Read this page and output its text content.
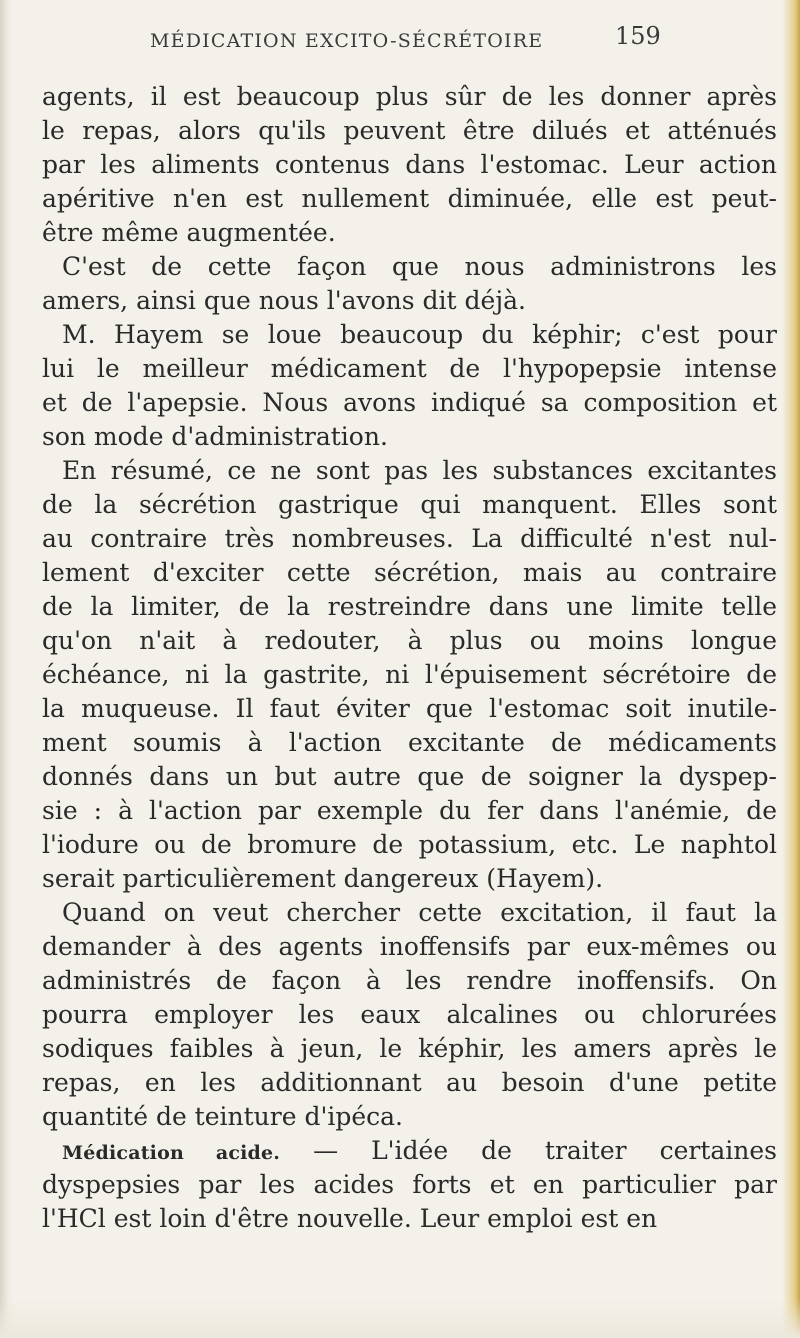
MÉDICATION EXCITO-SÉCRÉTOIRE	159
agents, il est beaucoup plus sûr de les donner après
le repas, alors qu'ils peuvent être dilués et atténués
par les aliments contenus dans l'estomac. Leur action
apéritive n'en est nullement diminuée, elle est peut-
être même augmentée.
C'est de cette façon que nous administrons les
amers, ainsi que nous l'avons dit déjà.
M. Hayem se loue beaucoup du képhir; c'est pour
lui le meilleur médicament de l'hypopepsie intense
et de l'apepsie. Nous avons indiqué sa composition et
son mode d'administration.
En résumé, ce ne sont pas les substances excitantes
de la sécrétion gastrique qui manquent. Elles sont
au contraire très nombreuses. La difficulté n'est nul-
lement d'exciter cette sécrétion, mais au contraire
de la limiter, de la restreindre dans une limite telle
qu'on n'ait à redouter, à plus ou moins longue
échéance, ni la gastrite, ni l'épuisement sécrétoire de
la muqueuse. Il faut éviter que l'estomac soit inutile-
ment soumis à l'action excitante de médicaments
donnés dans un but autre que de soigner la dyspep-
sie : à l'action par exemple du fer dans l'anémie, de
l'iodure ou de bromure de potassium, etc. Le naphtol
serait particulièrement dangereux (Hayem).
Quand on veut chercher cette excitation, il faut la
demander à des agents inoffensifs par eux-mêmes ou
administrés de façon à les rendre inoffensifs. On
pourra employer les eaux alcalines ou chlorurées
sodiques faibles à jeun, le képhir, les amers après le
repas, en les additionnant au besoin d'une petite
quantité de teinture d'ipéca.
Médication acide. — L'idée de traiter certaines
dyspepsies par les acides forts et en particulier par
l'HCl est loin d'être nouvelle. Leur emploi est en
